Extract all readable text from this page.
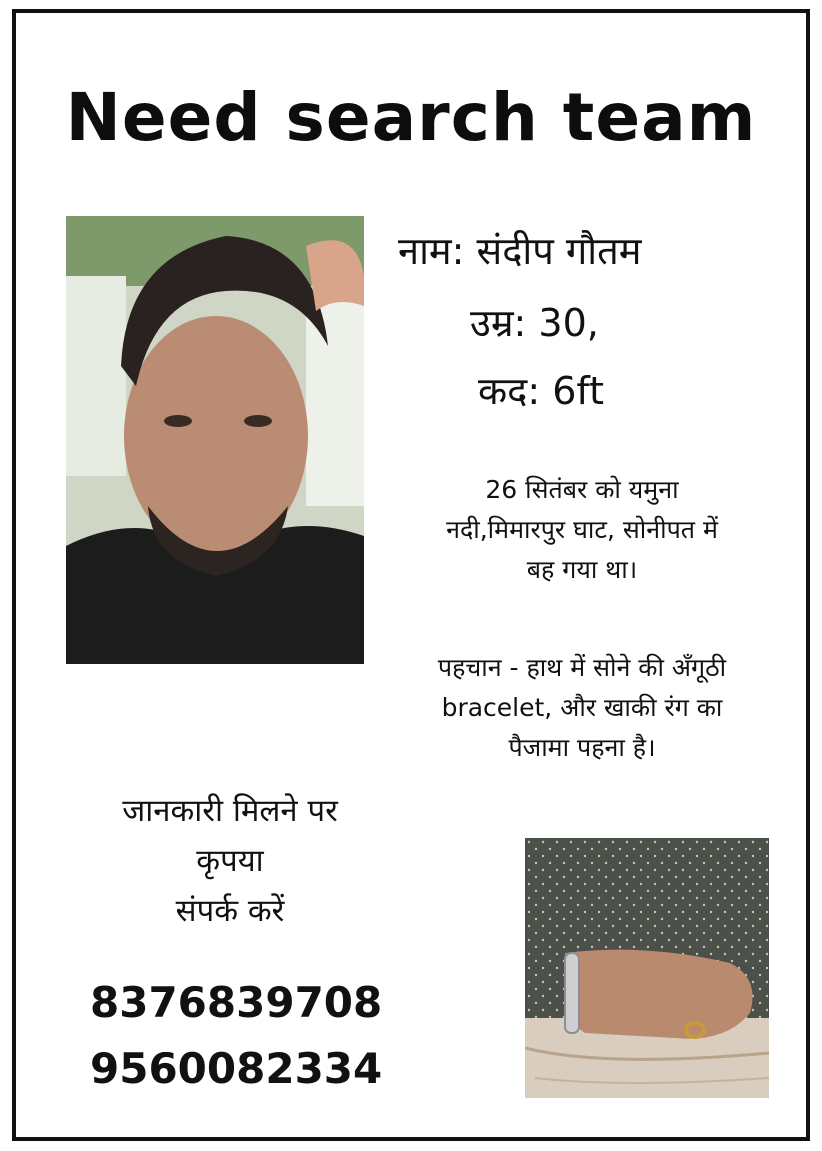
Need search team
नाम: संदीप गौतम
उम्र: 30,
कद: 6ft
26 सितंबर को यमुना
नदी,मिमारपुर घाट, सोनीपत में
बह गया था।
पहचान - हाथ में सोने की अँगूठी
bracelet, और खाकी रंग का
पैजामा पहना है।
जानकारी मिलने पर
कृपया
संपर्क करें
8376839708
9560082334
